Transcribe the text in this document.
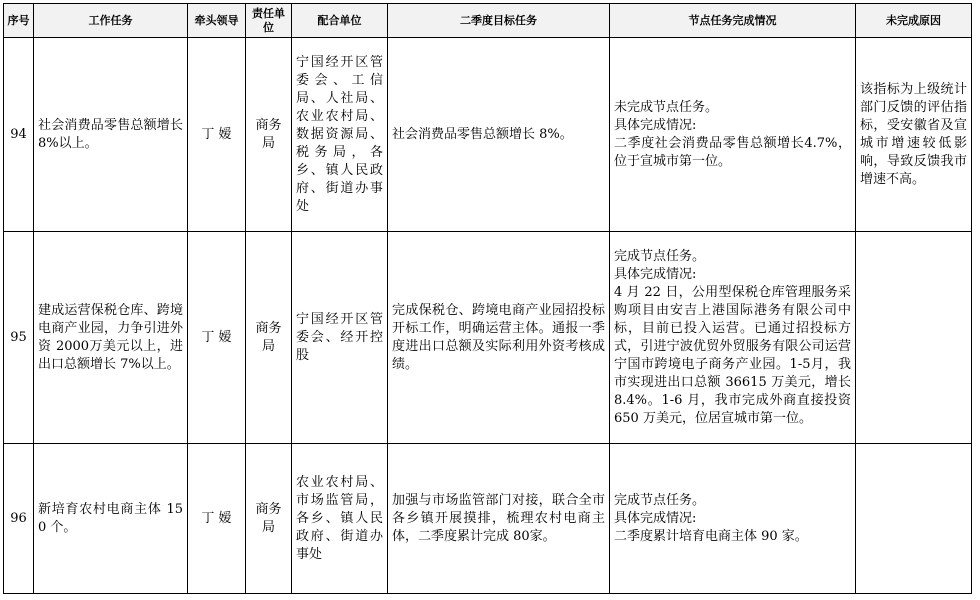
序号	工作任务	牵头领导	责任单位	配合单位	二季度目标任务	节点任务完成情况	未完成原因
94	社会消费品零售总额增长 8%以上。	丁 嫒	商务局	宁国经开区管委会、工信局、人社局、农业农村局、数据资源局、税务局，各乡、镇人民政府、街道办事处	社会消费品零售总额增长 8%。	未完成节点任务。
具体完成情况:
二季度社会消费品零售总额增长4.7%，位于宣城市第一位。	该指标为上级统计部门反馈的评估指标，受安徽省及宣城市增速较低影响，导致反馈我市增速不高。
95	建成运营保税仓库、跨境电商产业园，力争引进外资 2000万美元以上，进出口总额增长 7%以上。	丁 嫒	商务局	宁国经开区管委会、经开控股	完成保税仓、跨境电商产业园招投标开标工作，明确运营主体。通报一季度进出口总额及实际利用外资考核成绩。	完成节点任务。
具体完成情况:
4 月 22 日，公用型保税仓库管理服务采购项目由安吉上港国际港务有限公司中标，目前已投入运营。已通过招投标方式，引进宁波优贸外贸服务有限公司运营宁国市跨境电子商务产业园。1-5月，我市实现进出口总额 36615 万美元，增长 8.4%。1-6 月，我市完成外商直接投资 650 万美元，位居宣城市第一位。	
96	新培育农村电商主体 150 个。	丁 嫒	商务局	农业农村局、市场监管局，各乡、镇人民政府、街道办事处	加强与市场监管部门对接，联合全市各乡镇开展摸排，梳理农村电商主体，二季度累计完成 80家。	完成节点任务。
具体完成情况:
二季度累计培育电商主体 90 家。	
